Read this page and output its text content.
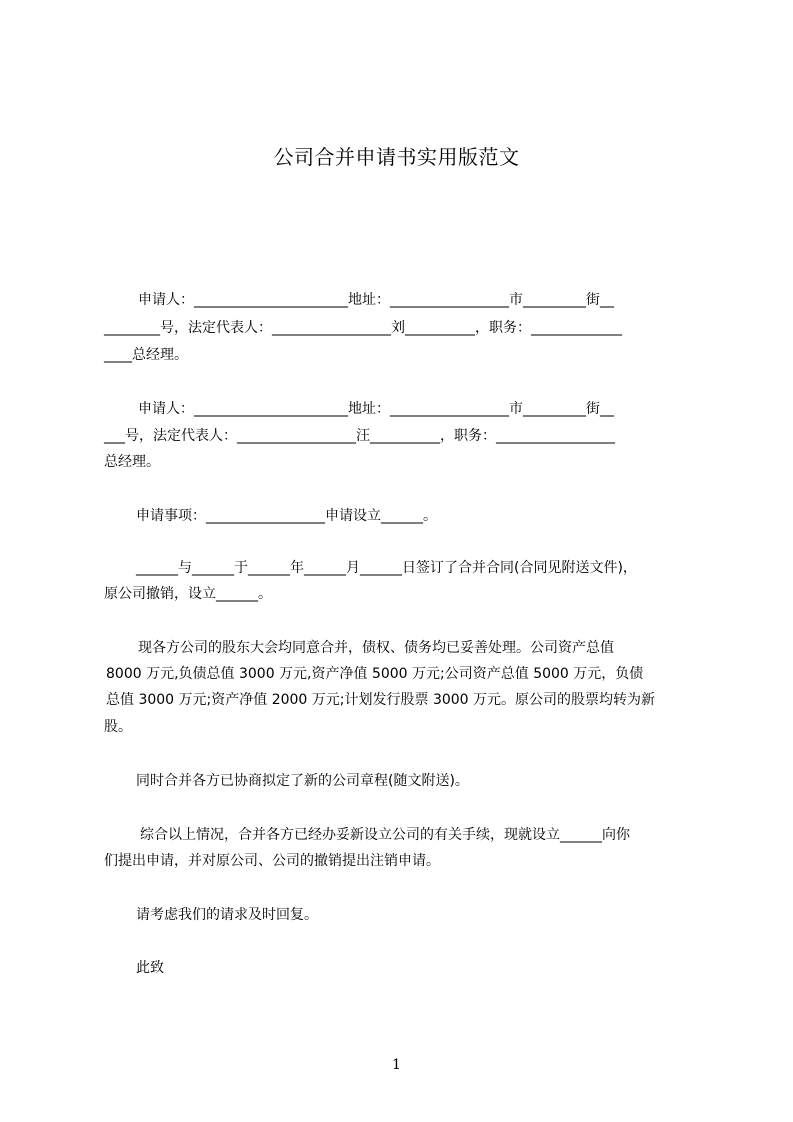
公司合并申请书实用版范文
申请人：______________________地址：_________________市_________街__
________号，法定代表人：_________________刘__________，职务：_____________
____总经理。
申请人：______________________地址：_________________市_________街__
___号，法定代表人：_________________汪__________，职务：_________________
总经理。
申请事项：_________________申请设立______。
______与______于______年______月______日签订了合并合同(合同见附送文件)，
原公司撤销，设立______。
现各方公司的股东大会均同意合并，债权、债务均已妥善处理。公司资产总值
8000 万元,负债总值 3000 万元,资产净值 5000 万元;公司资产总值 5000 万元，负债
总值 3000 万元;资产净值 2000 万元;计划发行股票 3000 万元。原公司的股票均转为新
股。
同时合并各方已协商拟定了新的公司章程(随文附送)。
综合以上情况，合并各方已经办妥新设立公司的有关手续，现就设立______向你
们提出申请，并对原公司、公司的撤销提出注销申请。
请考虑我们的请求及时回复。
此致
1
